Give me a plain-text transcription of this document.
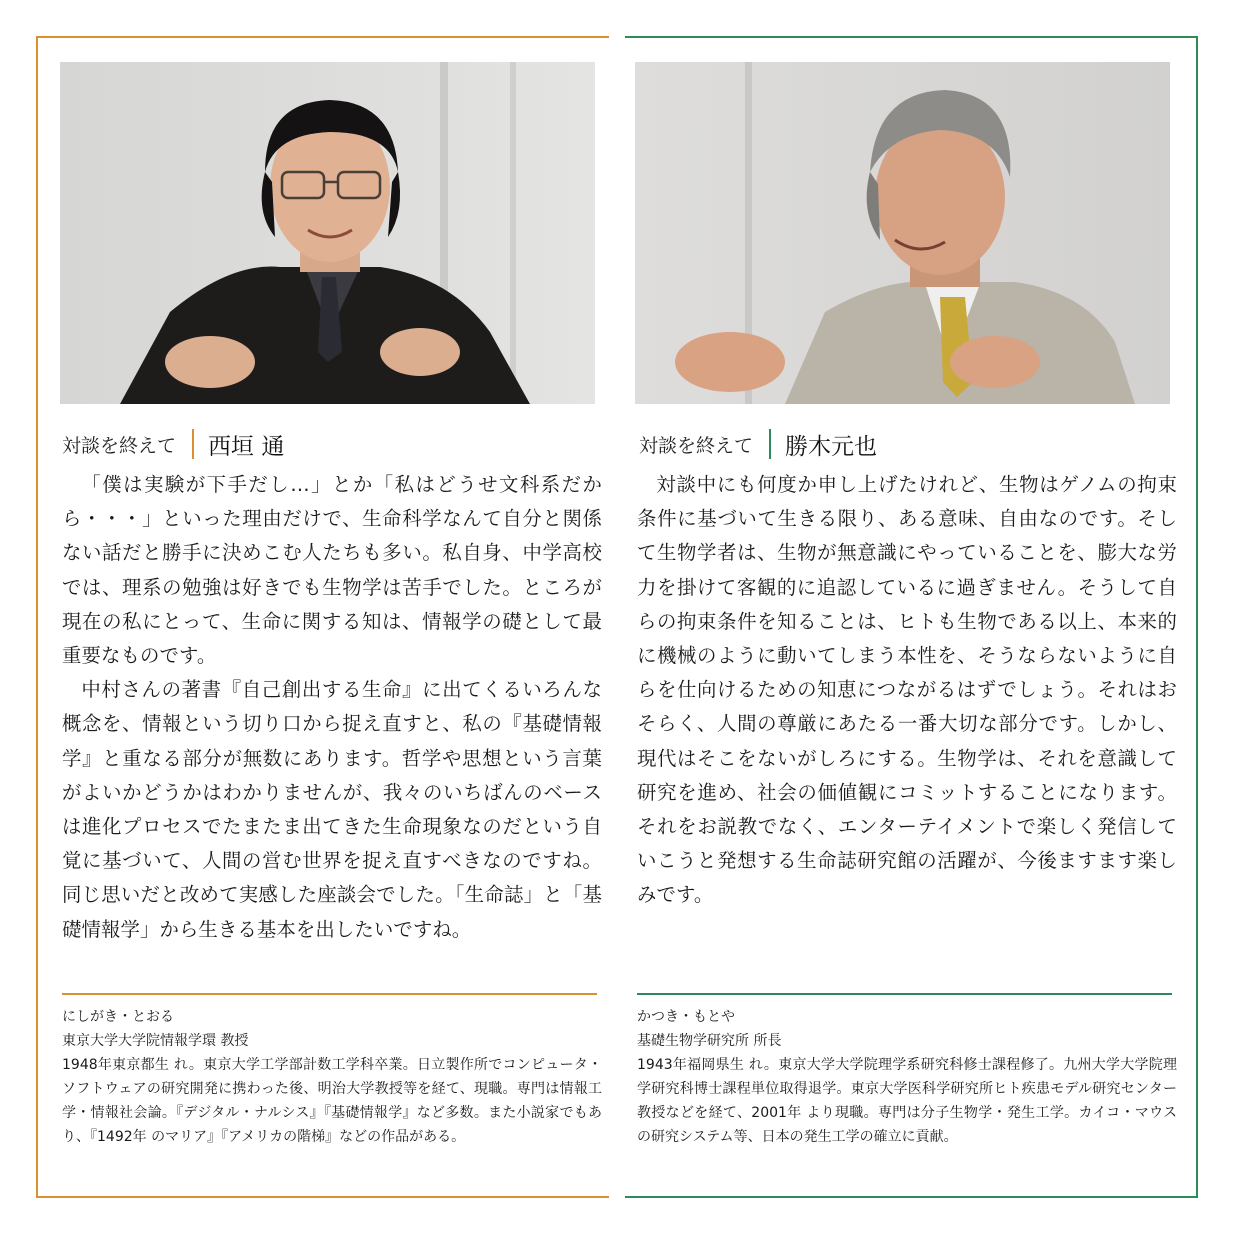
対談を終えて 西垣 通

「僕は実験が下手だし…」とか「私はどうせ文科系だから・・・」といった理由だけで、生命科学なんて自分と関係ない話だと勝手に決めこむ人たちも多い。私自身、中学高校では、理系の勉強は好きでも生物学は苦手でした。ところが現在の私にとって、生命に関する知は、情報学の礎として最重要なものです。

中村さんの著書『自己創出する生命』に出てくるいろんな概念を、情報という切り口から捉え直すと、私の『基礎情報学』と重なる部分が無数にあります。哲学や思想という言葉がよいかどうかはわかりませんが、我々のいちばんのベースは進化プロセスでたまたま出てきた生命現象なのだという自覚に基づいて、人間の営む世界を捉え直すべきなのですね。同じ思いだと改めて実感した座談会でした。「生命誌」と「基礎情報学」から生きる基本を出したいですね。

にしがき・とおる
東京大学大学院情報学環 教授
1948年東京都生 れ。東京大学工学部計数工学科卒業。日立製作所でコンピュータ・ソフトウェアの研究開発に携わった後、明治大学教授等を経て、現職。専門は情報工学・情報社会論。『デジタル・ナルシス』『基礎情報学』など多数。また小説家でもあり、『1492年 のマリア』『アメリカの階梯』などの作品がある。
対談を終えて 勝木元也

対談中にも何度か申し上げたけれど、生物はゲノムの拘束条件に基づいて生きる限り、ある意味、自由なのです。そして生物学者は、生物が無意識にやっていることを、膨大な労力を掛けて客観的に追認しているに過ぎません。そうして自らの拘束条件を知ることは、ヒトも生物である以上、本来的に機械のように動いてしまう本性を、そうならないように自らを仕向けるための知恵につながるはずでしょう。それはおそらく、人間の尊厳にあたる一番大切な部分です。しかし、現代はそこをないがしろにする。生物学は、それを意識して研究を進め、社会の価値観にコミットすることになります。それをお説教でなく、エンターテイメントで楽しく発信していこうと発想する生命誌研究館の活躍が、今後ますます楽しみです。

かつき・もとや
基礎生物学研究所 所長
1943年福岡県生 れ。東京大学大学院理学系研究科修士課程修了。九州大学大学院理学研究科博士課程単位取得退学。東京大学医科学研究所ヒト疾患モデル研究センター教授などを経て、2001年 より現職。専門は分子生物学・発生工学。カイコ・マウスの研究システム等、日本の発生工学の確立に貢献。
